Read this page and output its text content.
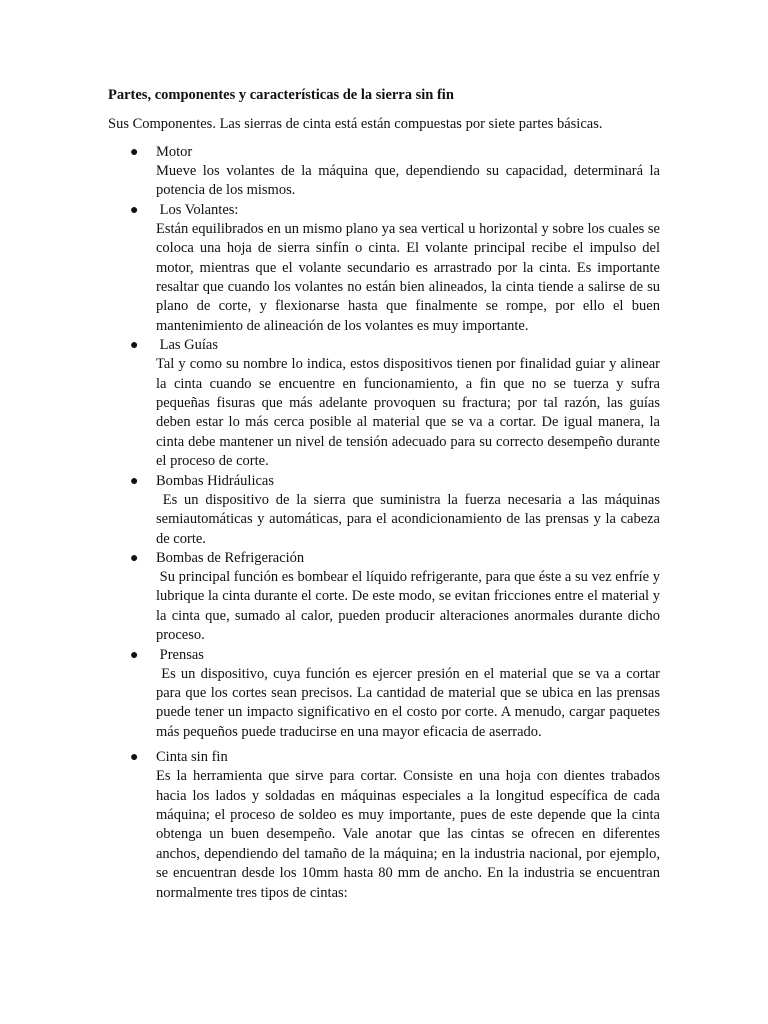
Partes, componentes y características de la sierra sin fin
Sus Componentes. Las sierras de cinta está están compuestas por siete partes básicas.
● Motor
Mueve los volantes de la máquina que, dependiendo su capacidad, determinará la potencia de los mismos.
● Los Volantes:
Están equilibrados en un mismo plano ya sea vertical u horizontal y sobre los cuales se coloca una hoja de sierra sinfín o cinta. El volante principal recibe el impulso del motor, mientras que el volante secundario es arrastrado por la cinta. Es importante resaltar que cuando los volantes no están bien alineados, la cinta tiende a salirse de su plano de corte, y flexionarse hasta que finalmente se rompe, por ello el buen mantenimiento de alineación de los volantes es muy importante.
● Las Guías
Tal y como su nombre lo indica, estos dispositivos tienen por finalidad guiar y alinear la cinta cuando se encuentre en funcionamiento, a fin que no se tuerza y sufra pequeñas fisuras que más adelante provoquen su fractura; por tal razón, las guías deben estar lo más cerca posible al material que se va a cortar. De igual manera, la cinta debe mantener un nivel de tensión adecuado para su correcto desempeño durante el proceso de corte.
● Bombas Hidráulicas
Es un dispositivo de la sierra que suministra la fuerza necesaria a las máquinas semiautomáticas y automáticas, para el acondicionamiento de las prensas y la cabeza de corte.
● Bombas de Refrigeración
Su principal función es bombear el líquido refrigerante, para que éste a su vez enfríe y lubrique la cinta durante el corte. De este modo, se evitan fricciones entre el material y la cinta que, sumado al calor, pueden producir alteraciones anormales durante dicho proceso.
● Prensas
Es un dispositivo, cuya función es ejercer presión en el material que se va a cortar para que los cortes sean precisos. La cantidad de material que se ubica en las prensas puede tener un impacto significativo en el costo por corte. A menudo, cargar paquetes más pequeños puede traducirse en una mayor eficacia de aserrado.
● Cinta sin fin
Es la herramienta que sirve para cortar. Consiste en una hoja con dientes trabados hacia los lados y soldadas en máquinas especiales a la longitud específica de cada máquina; el proceso de soldeo es muy importante, pues de este depende que la cinta obtenga un buen desempeño. Vale anotar que las cintas se ofrecen en diferentes anchos, dependiendo del tamaño de la máquina; en la industria nacional, por ejemplo, se encuentran desde los 10mm hasta 80 mm de ancho. En la industria se encuentran normalmente tres tipos de cintas:
